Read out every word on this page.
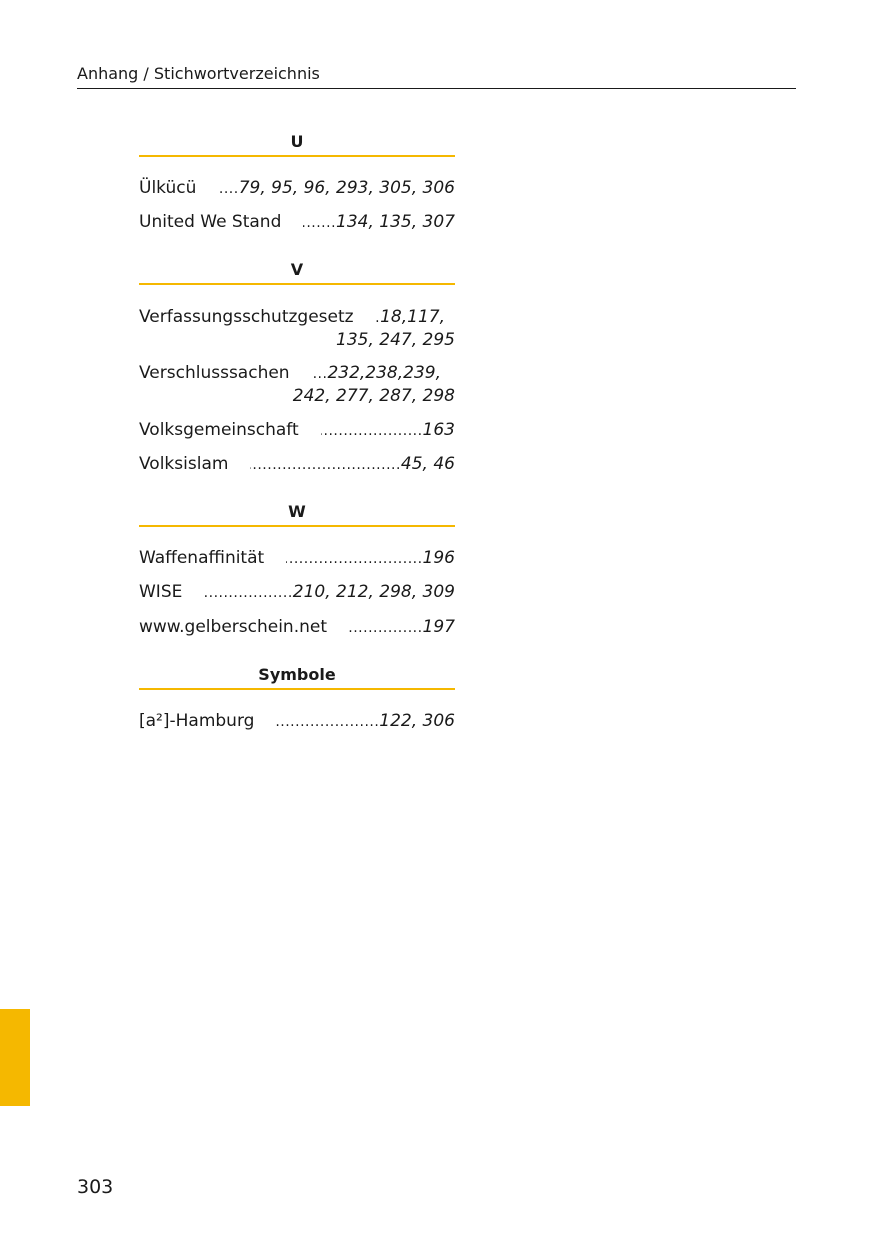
Anhang / Stichwortverzeichnis
U
Ülkücü ..... 79, 95, 96, 293, 305, 306
United We Stand .....	134, 135, 307
V
Verfassungsschutzgesetz ..... 18,117,
135, 247, 295
Verschlusssachen ..... 232,238,239,
242, 277, 287, 298
Volksgemeinschaft .....	163
Volksislam .....	45, 46
W
Waffenaffinität .....	196
WISE .....	210, 212, 298, 309
www.gelberschein.net .....	197
Symbole
[a²]-Hamburg .....	122, 306
303
